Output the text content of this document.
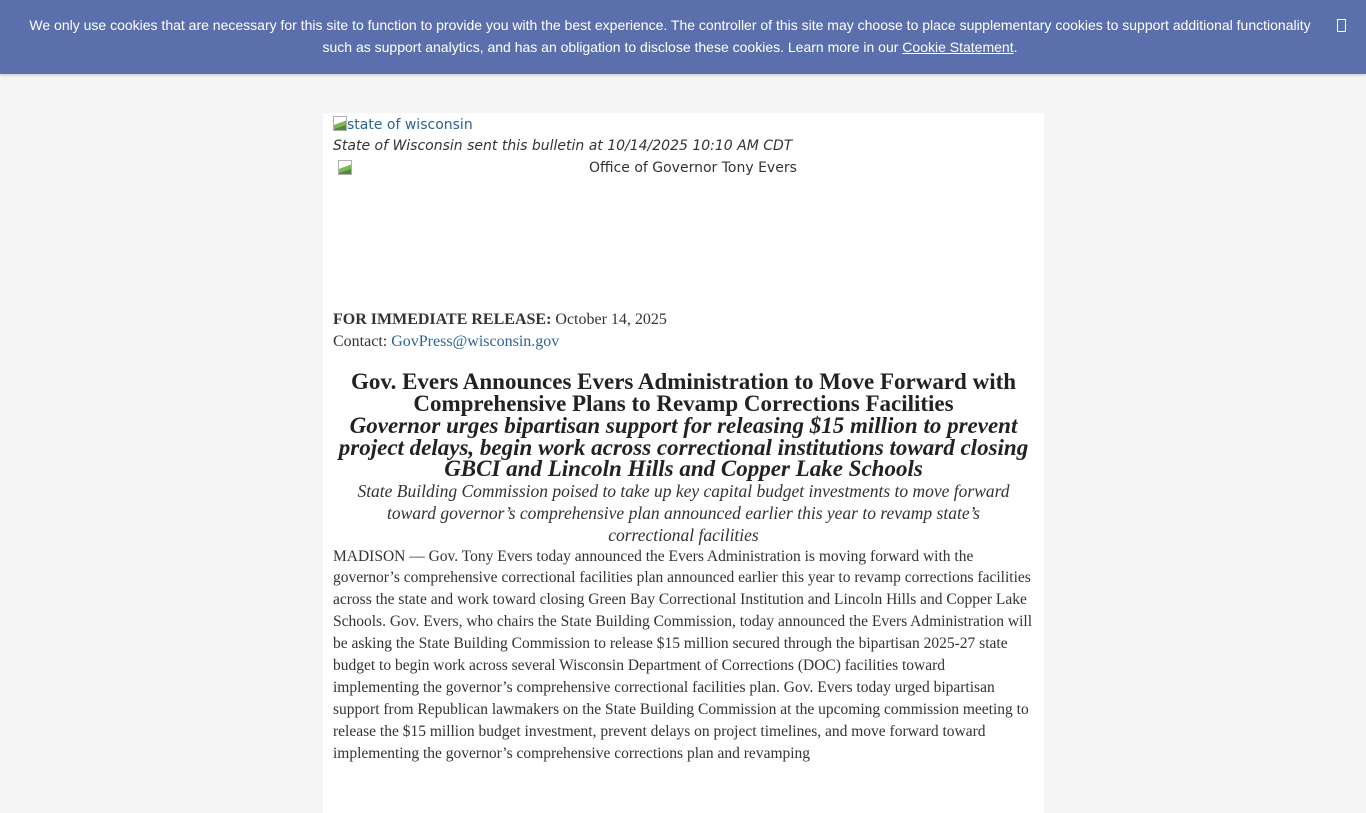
We only use cookies that are necessary for this site to function to provide you with the best experience. The controller of this site may choose to place supplementary cookies to support additional functionality such as support analytics, and has an obligation to disclose these cookies. Learn more in our Cookie Statement.
state of wisconsin
State of Wisconsin sent this bulletin at 10/14/2025 10:10 AM CDT
Office of Governor Tony Evers
FOR IMMEDIATE RELEASE: October 14, 2025
Contact: GovPress@wisconsin.gov
Gov. Evers Announces Evers Administration to Move Forward with Comprehensive Plans to Revamp Corrections Facilities
Governor urges bipartisan support for releasing $15 million to prevent project delays, begin work across correctional institutions toward closing GBCI and Lincoln Hills and Copper Lake Schools
State Building Commission poised to take up key capital budget investments to move forward toward governor’s comprehensive plan announced earlier this year to revamp state’s correctional facilities

MADISON — Gov. Tony Evers today announced the Evers Administration is moving forward with the governor’s comprehensive correctional facilities plan announced earlier this year to revamp corrections facilities across the state and work toward closing Green Bay Correctional Institution and Lincoln Hills and Copper Lake Schools. Gov. Evers, who chairs the State Building Commission, today announced the Evers Administration will be asking the State Building Commission to release $15 million secured through the bipartisan 2025-27 state budget to begin work across several Wisconsin Department of Corrections (DOC) facilities toward implementing the governor’s comprehensive correctional facilities plan. Gov. Evers today urged bipartisan support from Republican lawmakers on the State Building Commission at the upcoming commission meeting to release the $15 million budget investment, prevent delays on project timelines, and move forward toward implementing the governor’s comprehensive corrections plan and revamping
